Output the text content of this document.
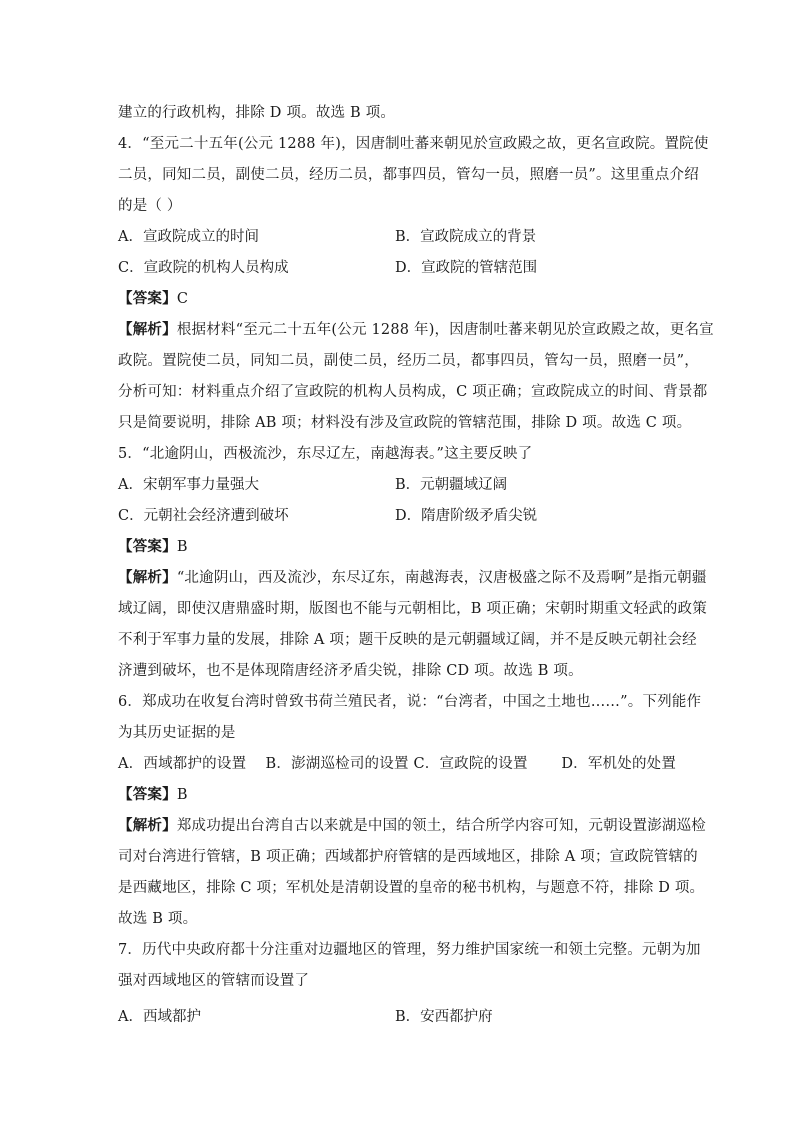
建立的行政机构，排除 D 项。故选 B 项。
4．“至元二十五年(公元 1288 年)，因唐制吐蕃来朝见於宣政殿之故，更名宣政院。置院使
二员，同知二员，副使二员，经历二员，都事四员，管勾一员，照磨一员”。这里重点介绍
的是（ ）
A．宣政院成立的时间	B．宣政院成立的背景
C．宣政院的机构人员构成	D．宣政院的管辖范围
【答案】C
【解析】根据材料“至元二十五年(公元 1288 年)，因唐制吐蕃来朝见於宣政殿之故，更名宣
政院。置院使二员，同知二员，副使二员，经历二员，都事四员，管勾一员，照磨一员”，
分析可知：材料重点介绍了宣政院的机构人员构成，C 项正确；宣政院成立的时间、背景都
只是简要说明，排除 AB 项；材料没有涉及宣政院的管辖范围，排除 D 项。故选 C 项。
5．“北逾阴山，西极流沙，东尽辽左，南越海表。”这主要反映了
A．宋朝军事力量强大	B．元朝疆域辽阔
C．元朝社会经济遭到破坏	D．隋唐阶级矛盾尖锐
【答案】B
【解析】“北逾阴山，西及流沙，东尽辽东，南越海表，汉唐极盛之际不及焉啊”是指元朝疆
域辽阔，即使汉唐鼎盛时期，版图也不能与元朝相比，B 项正确；宋朝时期重文轻武的政策
不利于军事力量的发展，排除 A 项；题干反映的是元朝疆域辽阔，并不是反映元朝社会经
济遭到破坏，也不是体现隋唐经济矛盾尖锐，排除 CD 项。故选 B 项。
6．郑成功在收复台湾时曾致书荷兰殖民者，说：“台湾者，中国之土地也……”。下列能作
为其历史证据的是
A．西域都护的设置    B．澎湖巡检司的设置 C．宣政院的设置       D．军机处的处置
【答案】B
【解析】郑成功提出台湾自古以来就是中国的领土，结合所学内容可知，元朝设置澎湖巡检
司对台湾进行管辖，B 项正确；西域都护府管辖的是西域地区，排除 A 项；宣政院管辖的
是西藏地区，排除 C 项；军机处是清朝设置的皇帝的秘书机构，与题意不符，排除 D 项。
故选 B 项。
7．历代中央政府都十分注重对边疆地区的管理，努力维护国家统一和领土完整。元朝为加
强对西域地区的管辖而设置了
A．西域都护	B．安西都护府
